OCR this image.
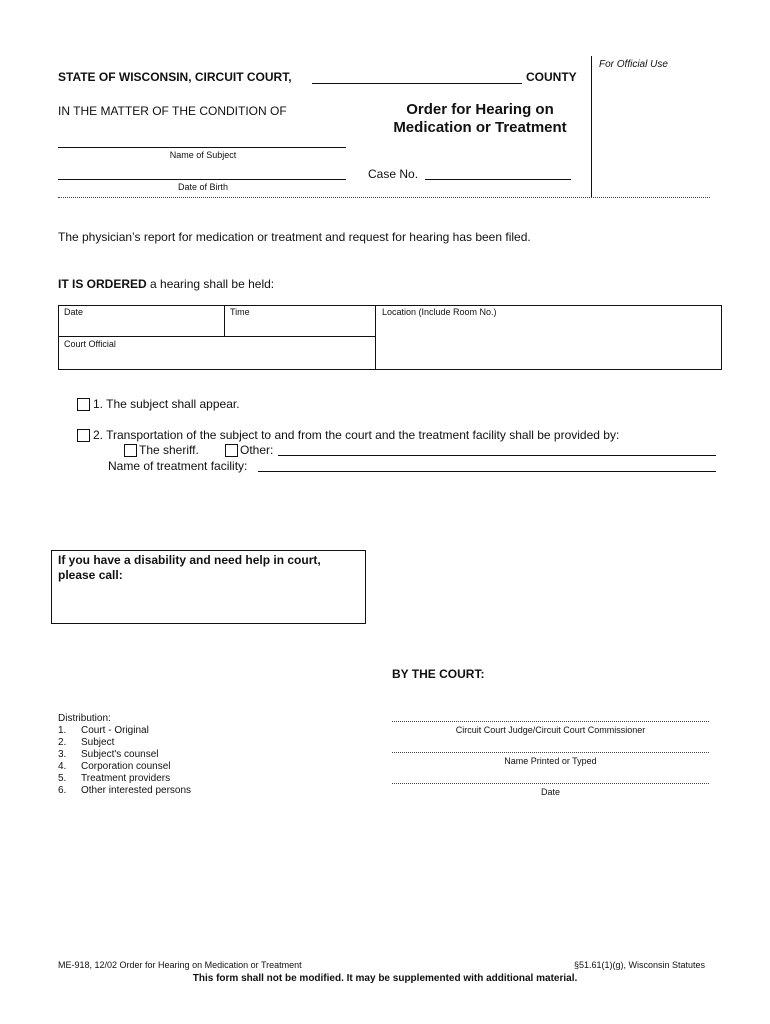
For Official Use
STATE OF WISCONSIN, CIRCUIT COURT,	COUNTY
IN THE MATTER OF THE CONDITION OF	Order for Hearing on
Medication or Treatment
Name of Subject
Date of Birth
Case No.
The physician’s report for medication or treatment and request for hearing has been filed.
IT IS ORDERED a hearing shall be held:
Date	Time	Location (Include Room No.)
Court Official
1. The subject shall appear.
2. Transportation of the subject to and from the court and the treatment facility shall be provided by:
The sheriff.	Other:
Name of treatment facility:
If you have a disability and need help in court,
please call:
BY THE COURT:
Circuit Court Judge/Circuit Court Commissioner
Name Printed or Typed
Date
Distribution:
1. Court - Original
2. Subject
3. Subject's counsel
4. Corporation counsel
5. Treatment providers
6. Other interested persons
ME-918, 12/02 Order for Hearing on Medication or Treatment	§51.61(1)(g), Wisconsin Statutes
This form shall not be modified. It may be supplemented with additional material.
